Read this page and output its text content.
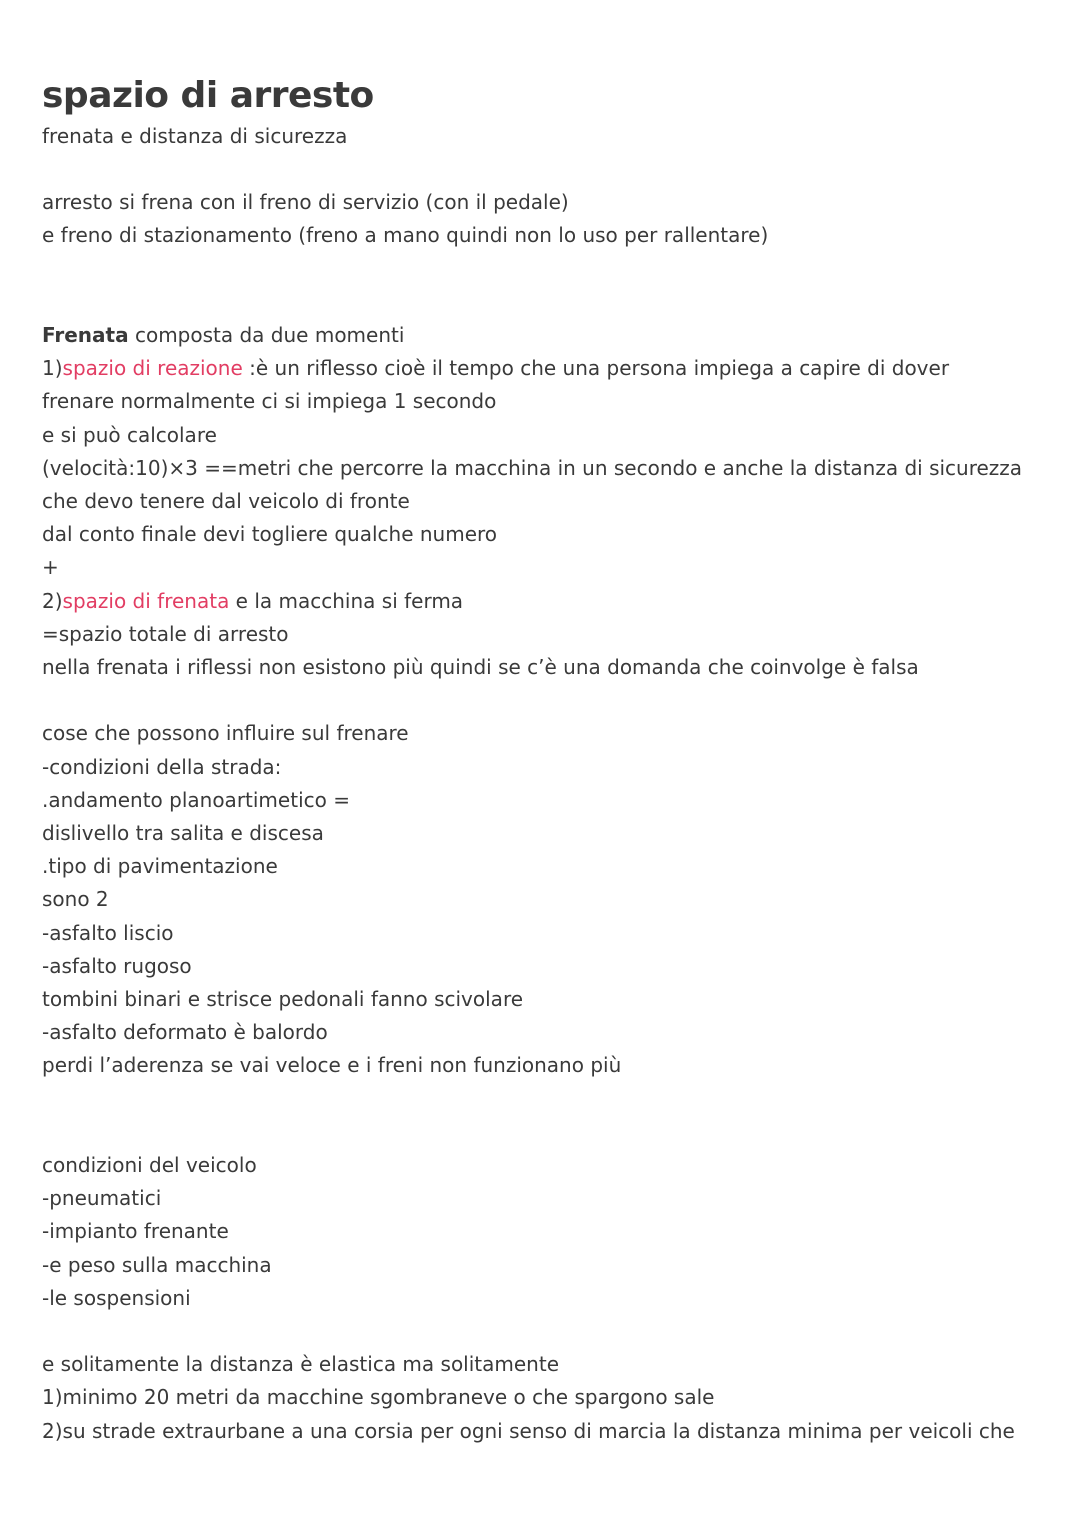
spazio di arresto

frenata e distanza di sicurezza

arresto si frena con il freno di servizio (con il pedale)

e freno di stazionamento (freno a mano quindi non lo uso per rallentare)

Frenata composta da due momenti

1)spazio di reazione :è un riflesso cioè il tempo che una persona impiega a capire di dover

frenare normalmente ci si impiega 1 secondo

e si può calcolare

(velocità:10)×3 ==metri che percorre la macchina in un secondo e anche la distanza di sicurezza

che devo tenere dal veicolo di fronte

dal conto finale devi togliere qualche numero

+

2)spazio di frenata e la macchina si ferma

=spazio totale di arresto

nella frenata i riflessi non esistono più quindi se c’è una domanda che coinvolge è falsa

cose che possono influire sul frenare

-condizioni della strada:

.andamento planoartimetico =

dislivello tra salita e discesa

.tipo di pavimentazione

sono 2

-asfalto liscio

-asfalto rugoso

tombini binari e strisce pedonali fanno scivolare

-asfalto deformato è balordo

perdi l’aderenza se vai veloce e i freni non funzionano più

condizioni del veicolo

-pneumatici

-impianto frenante

-e peso sulla macchina

-le sospensioni

e solitamente la distanza è elastica ma solitamente

1)minimo 20 metri da macchine sgombraneve o che spargono sale

2)su strade extraurbane a una corsia per ogni senso di marcia la distanza minima per veicoli che
